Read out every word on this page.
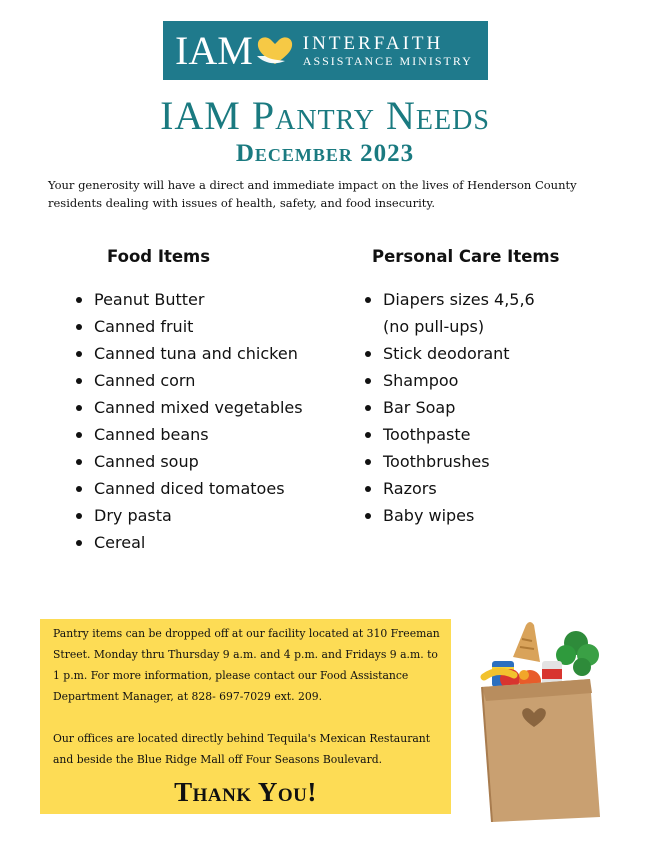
IAM	INTERFAITH
ASSISTANCE MINISTRY
IAM Pantry Needs
December 2023

Your generosity will have a direct and immediate impact on the lives of Henderson County residents dealing with issues of health, safety, and food insecurity.

Food Items	Personal Care Items
Peanut Butter
Canned fruit
Canned tuna and chicken
Canned corn
Canned mixed vegetables
Canned beans
Canned soup
Canned diced tomatoes
Dry pasta
Cereal
Diapers sizes 4,5,6
(no pull-ups)
Stick deodorant
Shampoo
Bar Soap
Toothpaste
Toothbrushes
Razors
Baby wipes

Pantry items can be dropped off at our facility located at 310 Freeman Street. Monday thru Thursday 9 a.m. and 4 p.m. and Fridays 9 a.m. to 1 p.m. For more information, please contact our Food Assistance Department Manager, at 828- 697-7029 ext. 209.

Our offices are located directly behind Tequila's Mexican Restaurant and beside the Blue Ridge Mall off Four Seasons Boulevard.

Thank You!
